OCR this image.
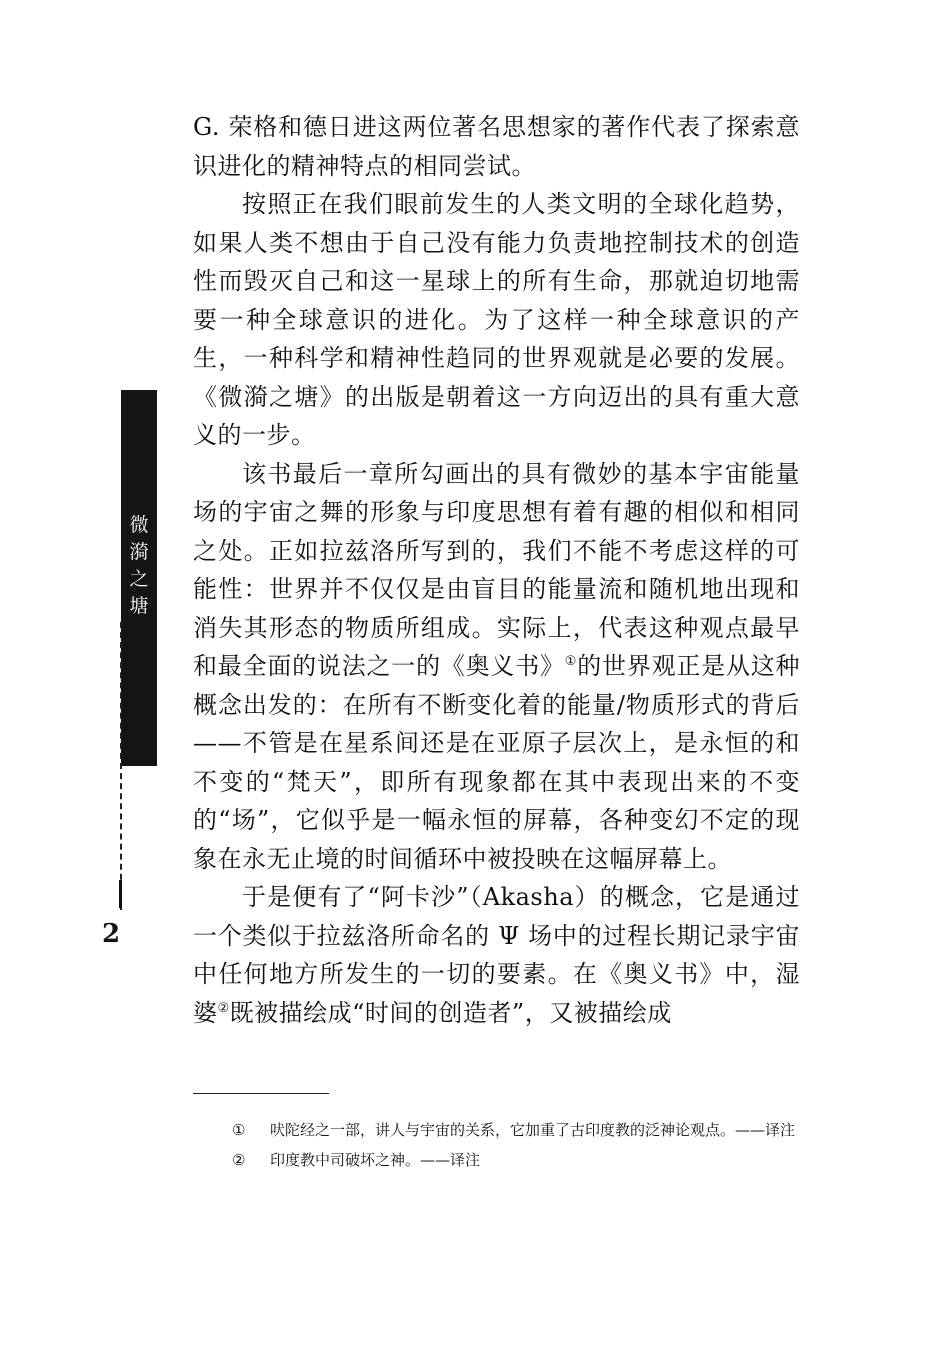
微
漪
之
塘
2

G. 荣格和德日进这两位著名思想家的著作代表了探索意识进化的精神特点的相同尝试。

按照正在我们眼前发生的人类文明的全球化趋势，如果人类不想由于自己没有能力负责地控制技术的创造性而毁灭自己和这一星球上的所有生命，那就迫切地需要一种全球意识的进化。为了这样一种全球意识的产生，一种科学和精神性趋同的世界观就是必要的发展。《微漪之塘》的出版是朝着这一方向迈出的具有重大意义的一步。

该书最后一章所勾画出的具有微妙的基本宇宙能量场的宇宙之舞的形象与印度思想有着有趣的相似和相同之处。正如拉兹洛所写到的，我们不能不考虑这样的可能性：世界并不仅仅是由盲目的能量流和随机地出现和消失其形态的物质所组成。实际上，代表这种观点最早和最全面的说法之一的《奥义书》①的世界观正是从这种概念出发的：在所有不断变化着的能量/物质形式的背后——不管是在星系间还是在亚原子层次上，是永恒的和不变的“梵天”，即所有现象都在其中表现出来的不变的“场”，它似乎是一幅永恒的屏幕，各种变幻不定的现象在永无止境的时间循环中被投映在这幅屏幕上。

于是便有了“阿卡沙”（Akasha）的概念，它是通过一个类似于拉兹洛所命名的 Ψ 场中的过程长期记录宇宙中任何地方所发生的一切的要素。在《奥义书》中，湿婆②既被描绘成“时间的创造者”，又被描绘成

① 吠陀经之一部，讲人与宇宙的关系，它加重了古印度教的泛神论观点。——译注
② 印度教中司破坏之神。——译注
